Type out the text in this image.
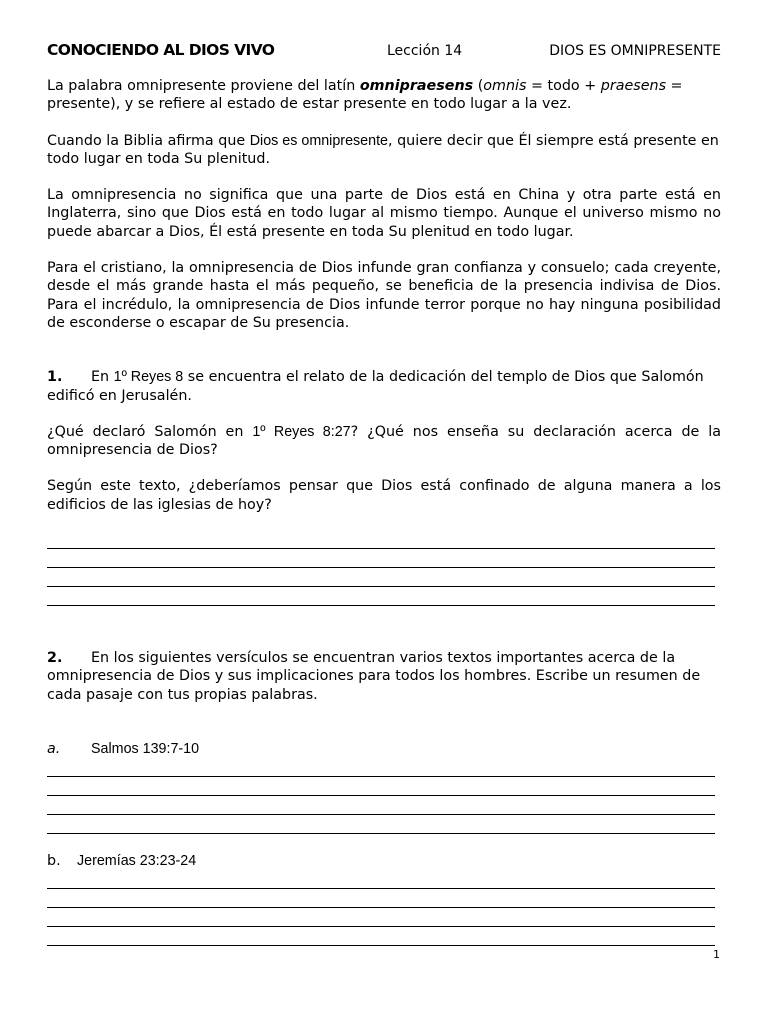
CONOCIENDO AL DIOS VIVO	Lección 14	DIOS ES OMNIPRESENTE

La palabra omnipresente proviene del latín omnipraesens (omnis = todo + praesens = presente), y se refiere al estado de estar presente en todo lugar a la vez.

Cuando la Biblia afirma que Dios es omnipresente, quiere decir que Él siempre está presente en todo lugar en toda Su plenitud.

La omnipresencia no significa que una parte de Dios está en China y otra parte está en Inglaterra, sino que Dios está en todo lugar al mismo tiempo. Aunque el universo mismo no puede abarcar a Dios, Él está presente en toda Su plenitud en todo lugar.

Para el cristiano, la omnipresencia de Dios infunde gran confianza y consuelo; cada creyente, desde el más grande hasta el más pequeño, se beneficia de la presencia indivisa de Dios. Para el incrédulo, la omnipresencia de Dios infunde terror porque no hay ninguna posibilidad de esconderse o escapar de Su presencia.

1. En 1º Reyes 8 se encuentra el relato de la dedicación del templo de Dios que Salomón edificó en Jerusalén.

¿Qué declaró Salomón en 1º Reyes 8:27? ¿Qué nos enseña su declaración acerca de la omnipresencia de Dios?

Según este texto, ¿deberíamos pensar que Dios está confinado de alguna manera a los edificios de las iglesias de hoy?

2. En los siguientes versículos se encuentran varios textos importantes acerca de la omnipresencia de Dios y sus implicaciones para todos los hombres. Escribe un resumen de cada pasaje con tus propias palabras.

a. Salmos 139:7-10
b. Jeremías 23:23-24
1
